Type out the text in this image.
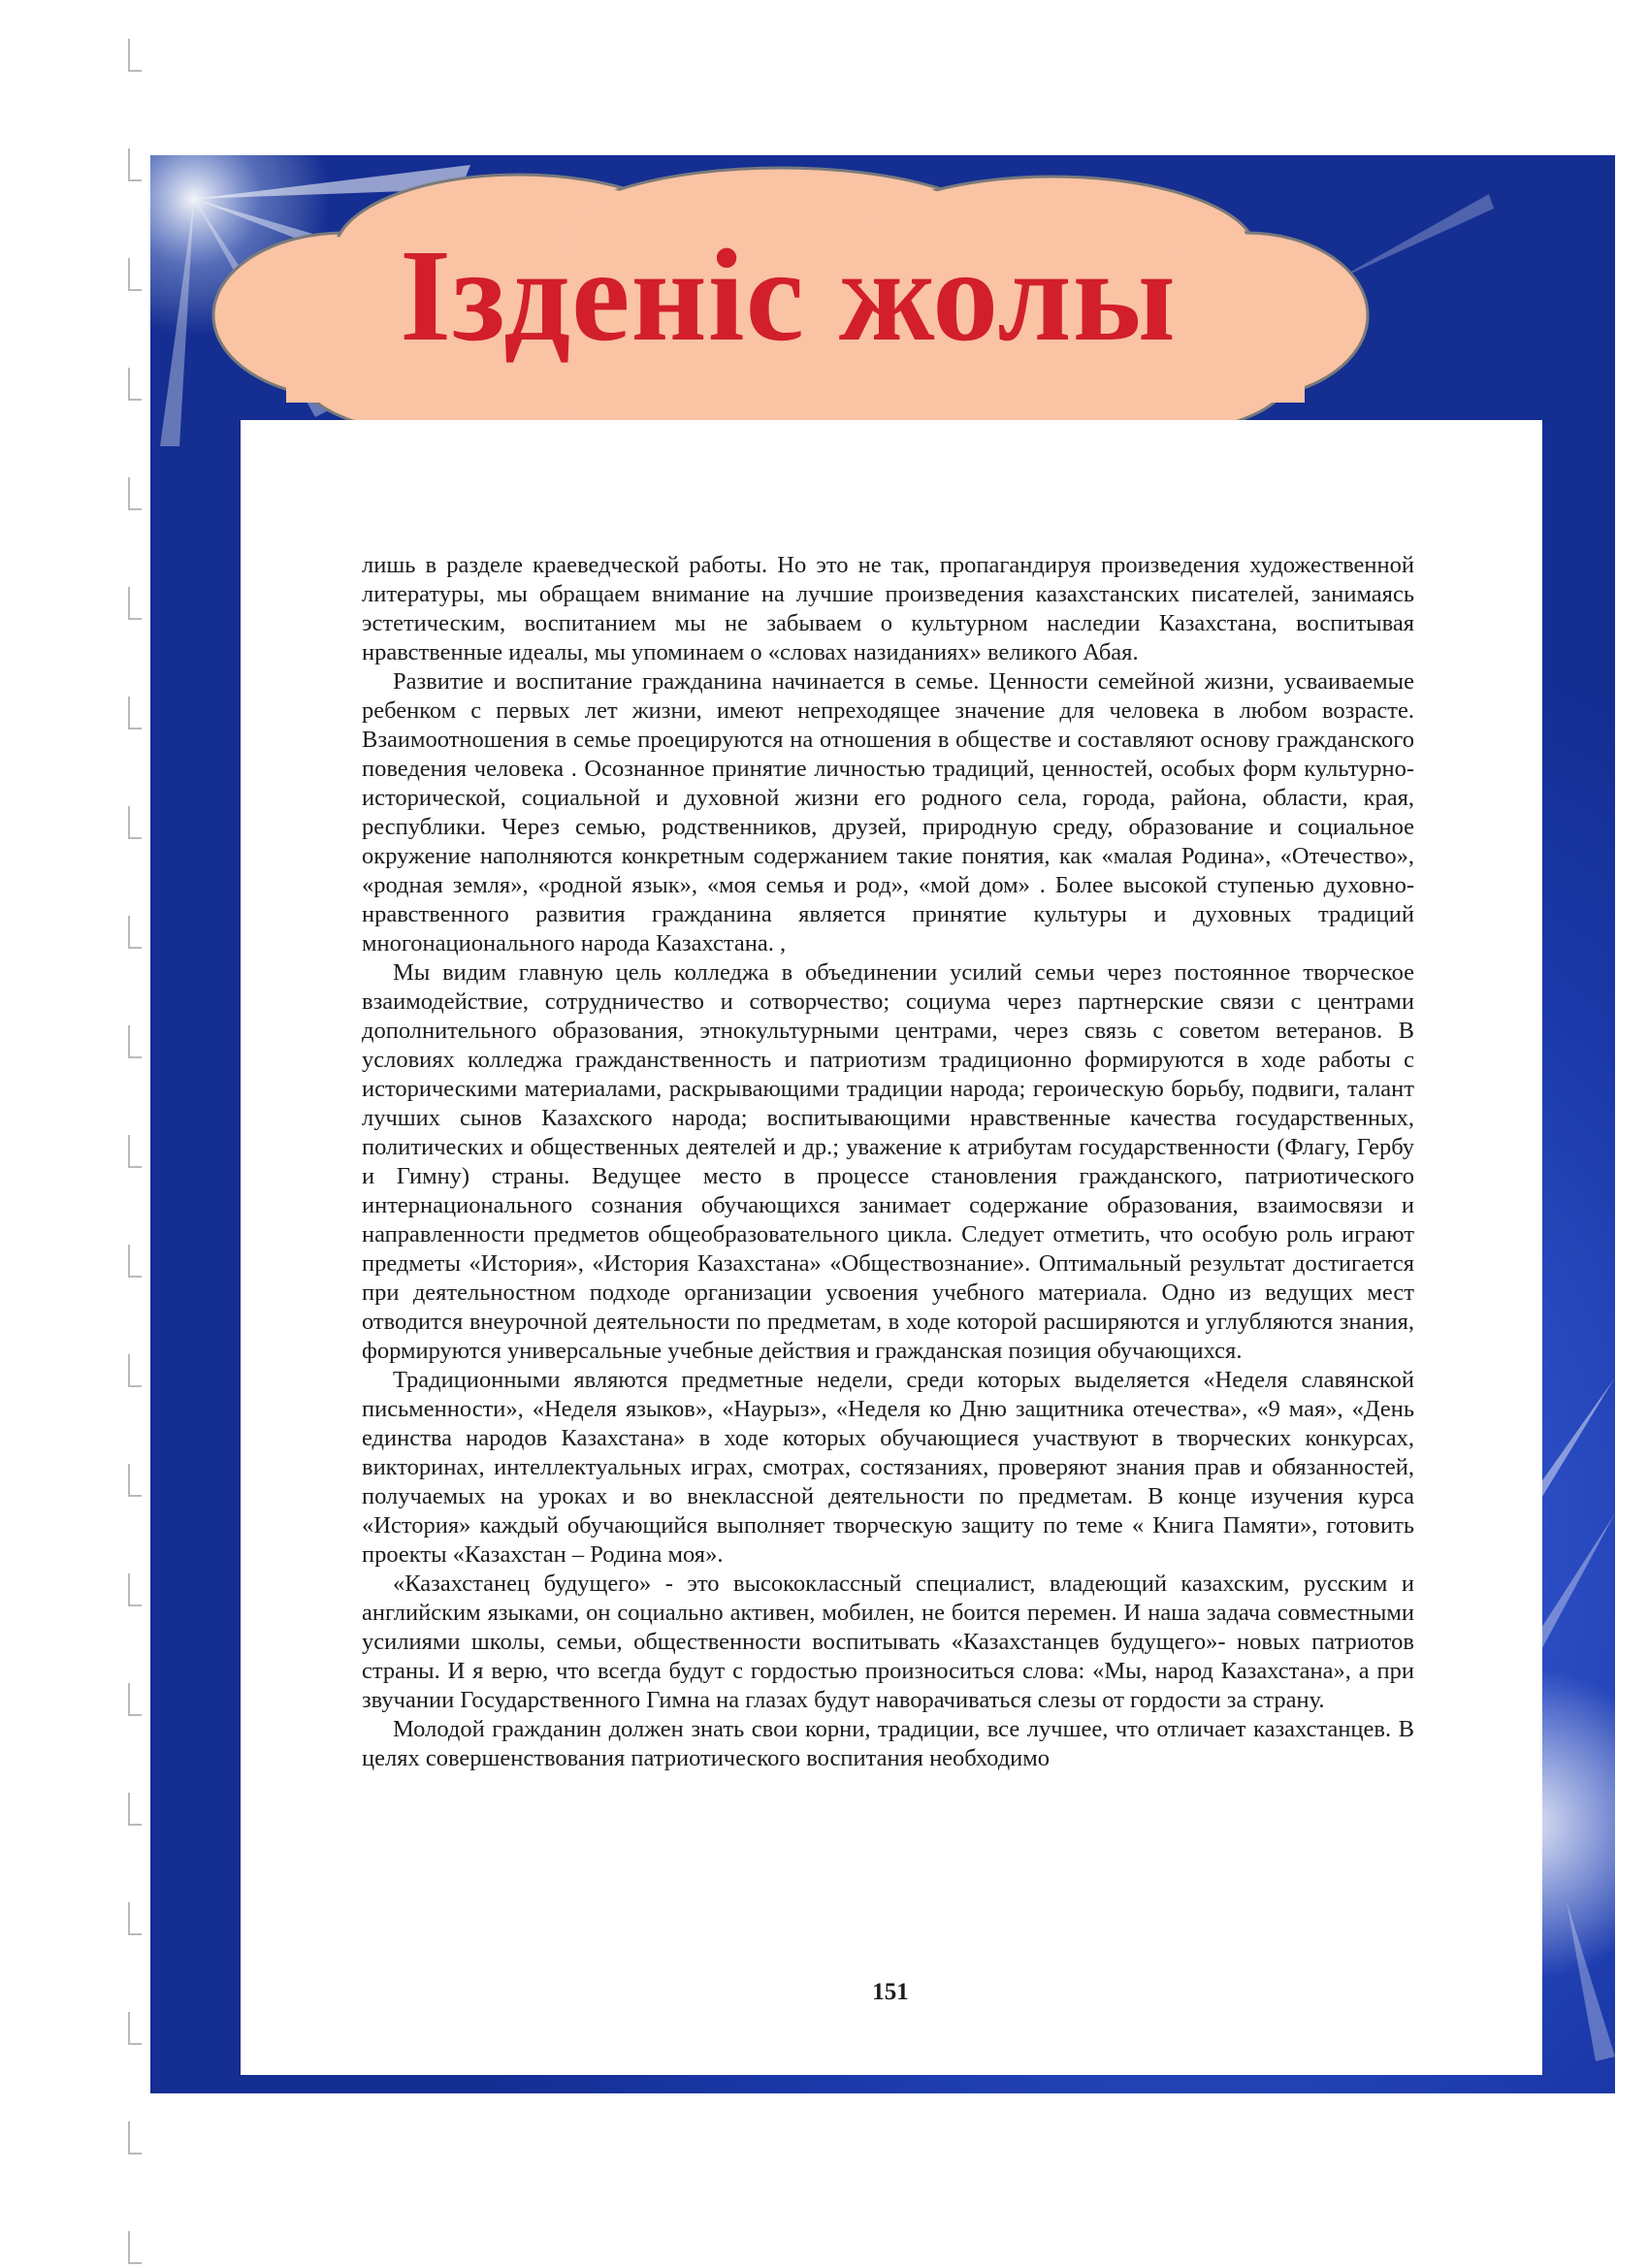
Ізденіс жолы

лишь в разделе краеведческой работы. Но это не так, пропагандируя произведения художественной литературы, мы обращаем внимание на лучшие произведения казахстанских писателей, занимаясь эстетическим, воспитанием мы не забываем о культурном наследии Казахстана, воспитывая нравственные идеалы, мы упоминаем о «словах назиданиях» великого Абая.

Развитие и воспитание гражданина начинается в семье. Ценности семейной жизни, усваиваемые ребенком с первых лет жизни, имеют непреходящее значение для человека в любом возрасте. Взаимоотношения в семье проецируются на отношения в обществе и составляют основу гражданского поведения человека . Осознанное принятие личностью традиций, ценностей, особых форм культурно-исторической, социальной и духовной жизни его родного села, города, района, области, края, республики. Через семью, родственников, друзей, природную среду, образование и социальное окружение наполняются конкретным содержанием такие понятия, как «малая Родина», «Отечество», «родная земля», «родной язык», «моя семья и род», «мой дом» . Более высокой ступенью духовно-нравственного развития гражданина является принятие культуры и духовных традиций многонационального народа Казахстана. ,

Мы видим главную цель колледжа в объединении усилий семьи через постоянное творческое взаимодействие, сотрудничество и сотворчество; социума через партнерские связи с центрами дополнительного образования, этнокультурными центрами, через связь с советом ветеранов. В условиях колледжа гражданственность и патриотизм традиционно формируются в ходе работы с историческими материалами, раскрывающими традиции народа; героическую борьбу, подвиги, талант лучших сынов Казахского народа; воспитывающими нравственные качества государственных, политических и общественных деятелей и др.; уважение к атрибутам государственности (Флагу, Гербу и Гимну) страны. Ведущее место в процессе становления гражданского, патриотического интернационального сознания обучающихся занимает содержание образования, взаимосвязи и направленности предметов общеобразовательного цикла. Следует отметить, что особую роль играют предметы «История», «История Казахстана» «Обществознание». Оптимальный результат достигается при деятельностном подходе организации усвоения учебного материала. Одно из ведущих мест отводится внеурочной деятельности по предметам, в ходе которой расширяются и углубляются знания, формируются универсальные учебные действия и гражданская позиция обучающихся.

Традиционными являются предметные недели, среди которых выделяется «Неделя славянской письменности», «Неделя языков», «Наурыз», «Неделя ко Дню защитника отечества», «9 мая», «День единства народов Казахстана» в ходе которых обучающиеся участвуют в творческих конкурсах, викторинах, интеллектуальных играх, смотрах, состязаниях, проверяют знания прав и обязанностей, получаемых на уроках и во внеклассной деятельности по предметам. В конце изучения курса «История» каждый обучающийся выполняет творческую защиту по теме « Книга Памяти», готовить проекты «Казахстан – Родина моя».

«Казахстанец будущего» - это высококлассный специалист, владеющий казахским, русским и английским языками, он социально активен, мобилен, не боится перемен. И наша задача совместными усилиями школы, семьи, общественности воспитывать «Казахстанцев будущего»- новых патриотов страны. И я верю, что всегда будут с гордостью произноситься слова: «Мы, народ Казахстана», а при звучании Государственного Гимна на глазах будут наворачиваться слезы от гордости за страну.

Молодой гражданин должен знать свои корни, традиции, все лучшее, что отличает казахстанцев. В целях совершенствования патриотического воспитания необходимо

151
